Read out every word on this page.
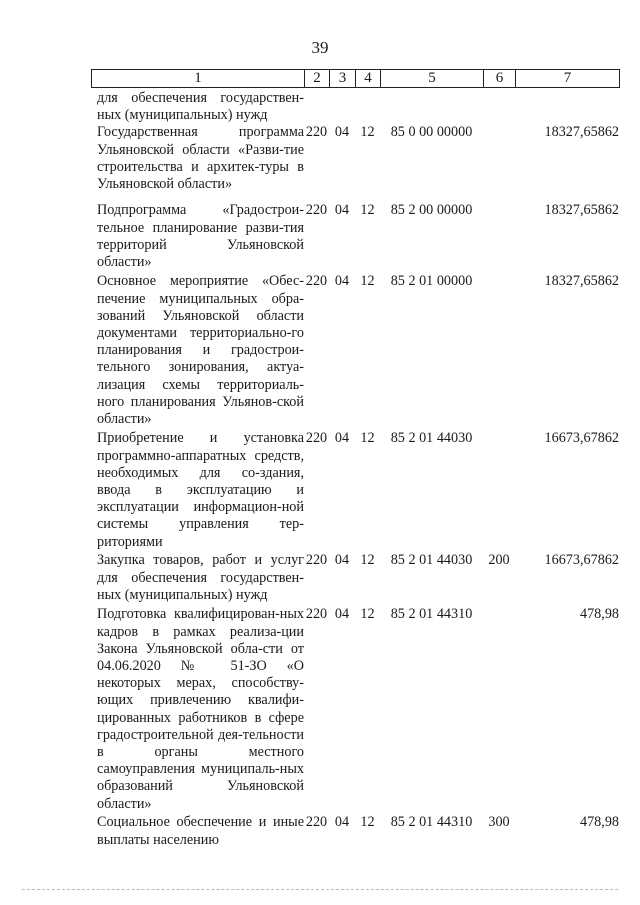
39
1	2	3	4	5	6	7
для обеспечения государствен-ных (муниципальных) нужд						
Государственная программа Ульяновской области «Разви-тие строительства и архитек-туры в Ульяновской области»	220	04	12	85 0 00 00000		18327,65862
Подпрограмма «Градострои-тельное планирование разви-тия территорий Ульяновской области»	220	04	12	85 2 00 00000		18327,65862
Основное мероприятие «Обес-печение муниципальных обра-зований Ульяновской области документами территориально-го планирования и градострои-тельного зонирования, актуа-лизация схемы территориаль-ного планирования Ульянов-ской области»	220	04	12	85 2 01 00000		18327,65862
Приобретение и установка программно-аппаратных средств, необходимых для со-здания, ввода в эксплуатацию и эксплуатации информацион-ной системы управления тер-риториями	220	04	12	85 2 01 44030		16673,67862
Закупка товаров, работ и услуг для обеспечения государствен-ных (муниципальных) нужд	220	04	12	85 2 01 44030	200	16673,67862
Подготовка квалифицирован-ных кадров в рамках реализа-ции Закона Ульяновской обла-сти от 04.06.2020 № 51-ЗО «О некоторых мерах, способству-ющих привлечению квалифи-цированных работников в сфере градостроительной дея-тельности в органы местного самоуправления муниципаль-ных образований Ульяновской области»	220	04	12	85 2 01 44310		478,98
Социальное обеспечение и иные выплаты населению	220	04	12	85 2 01 44310	300	478,98
